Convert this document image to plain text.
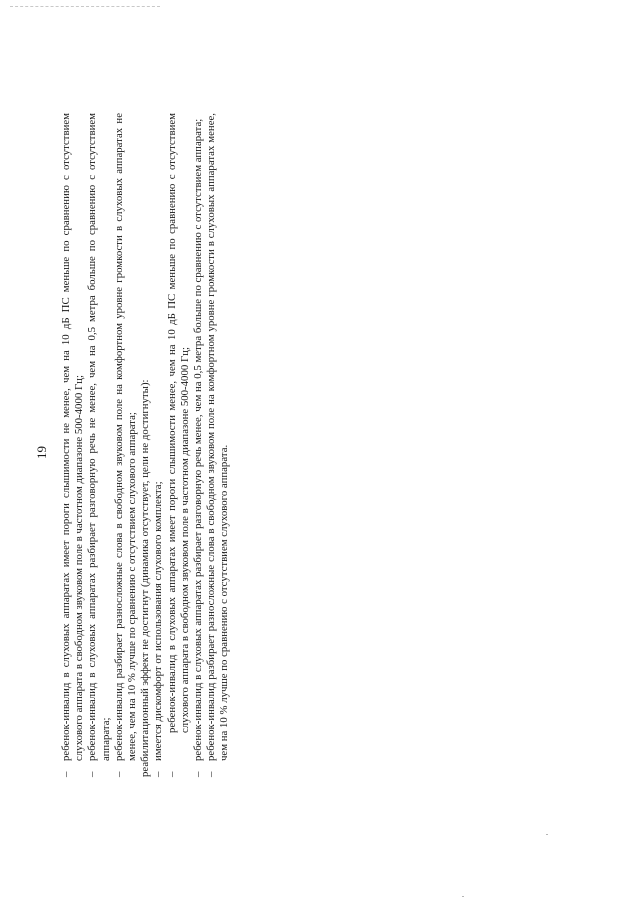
19
–
ребенок-инвалид в слуховых аппаратах имеет пороги слышимости не менее, чем на 10 дБ ПС меньше по сравнению с отсутствием слухового аппарата в свободном звуковом поле в частотном диапазоне 500-4000 Гц;
–
ребенок-инвалид в слуховых аппаратах разбирает разговорную речь не менее, чем на 0,5 метра больше по сравнению с отсутствием аппарата;
–
ребенок-инвалид разбирает разносложные слова в свободном звуковом поле на комфортном уровне громкости в слуховых аппаратах не менее, чем на 10 % лучше по сравнению с отсутствием слухового аппарата; реабилитационный эффект не достигнут (динамика отсутствует, цели не достигнуты): –
имеется дискомфорт от использования слухового комплекта;
–
ребенок-инвалид в слуховых аппаратах имеет пороги слышимости менее, чем на 10 дБ ПС меньше по сравнению с отсутствием слухового аппарата в свободном звуковом поле в частотном диапазоне 500-4000 Гц;
–
ребенок-инвалид в слуховых аппаратах разбирает разговорную речь менее, чем на 0,5 метра больше по сравнению с отсутствием аппарата;
–
ребенок-инвалид разбирает разносложные слова в свободном звуковом поле на комфортном уровне громкости в слуховых аппаратах менее, чем на 10 % лучше по сравнению с отсутствием слухового аппарата.
